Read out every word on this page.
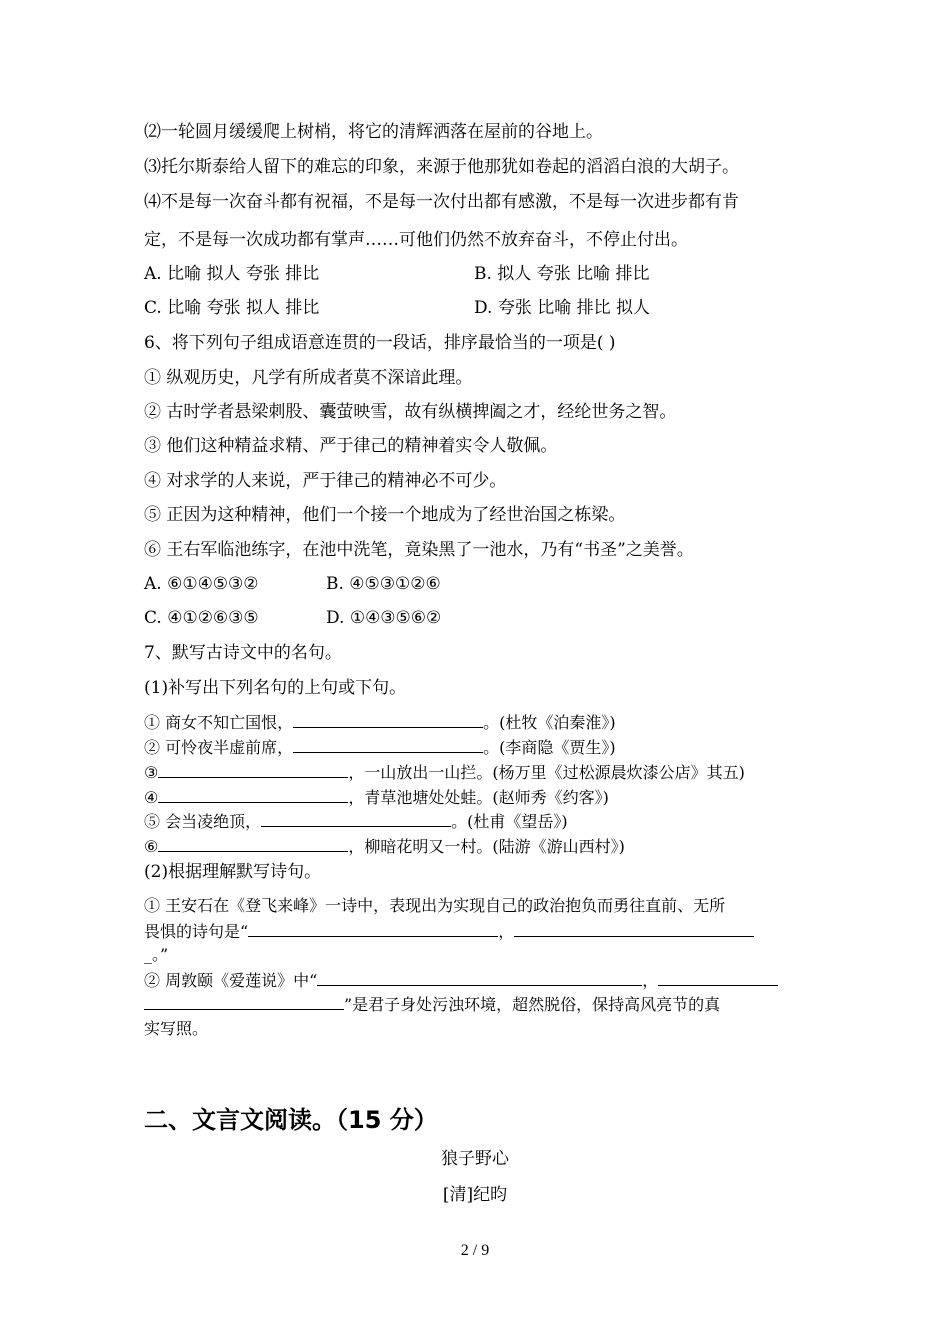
⑵一轮圆月缓缓爬上树梢，将它的清辉洒落在屋前的谷地上。
⑶托尔斯泰给人留下的难忘的印象，来源于他那犹如卷起的滔滔白浪的大胡子。
⑷不是每一次奋斗都有祝福，不是每一次付出都有感激，不是每一次进步都有肯
定，不是每一次成功都有掌声……可他们仍然不放弃奋斗，不停止付出。
A. 比喻 拟人 夸张 排比	B. 拟人 夸张 比喻 排比
C. 比喻 夸张 拟人 排比	D. 夸张 比喻 排比 拟人
6、将下列句子组成语意连贯的一段话，排序最恰当的一项是( )
① 纵观历史，凡学有所成者莫不深谙此理。
② 古时学者悬梁刺股、囊萤映雪，故有纵横捭阖之才，经纶世务之智。
③ 他们这种精益求精、严于律己的精神着实令人敬佩。
④ 对求学的人来说，严于律己的精神必不可少。
⑤ 正因为这种精神，他们一个接一个地成为了经世治国之栋梁。
⑥ 王右军临池练字，在池中洗笔，竟染黑了一池水，乃有“书圣”之美誉。
A. ⑥①④⑤③②	B. ④⑤③①②⑥
C. ④①②⑥③⑤	D. ①④③⑤⑥②
7、默写古诗文中的名句。
(1)补写出下列名句的上句或下句。
① 商女不知亡国恨，	。(杜牧《泊秦淮》)
② 可怜夜半虚前席，	。(李商隐《贾生》)
③	，一山放出一山拦。(杨万里《过松源晨炊漆公店》其五)
④	，青草池塘处处蛙。(赵师秀《约客》)
⑤ 会当凌绝顶，	。(杜甫《望岳》)
⑥	，柳暗花明又一村。(陆游《游山西村》)
(2)根据理解默写诗句。
① 王安石在《登飞来峰》一诗中，表现出为实现自己的政治抱负而勇往直前、无所
畏惧的诗句是“	，
_。”
② 周敦颐《爱莲说》中“	，
”是君子身处污浊环境，超然脱俗，保持高风亮节的真
实写照。
二、文言文阅读。（15 分）
狼子野心
[清]纪昀
2 / 9
